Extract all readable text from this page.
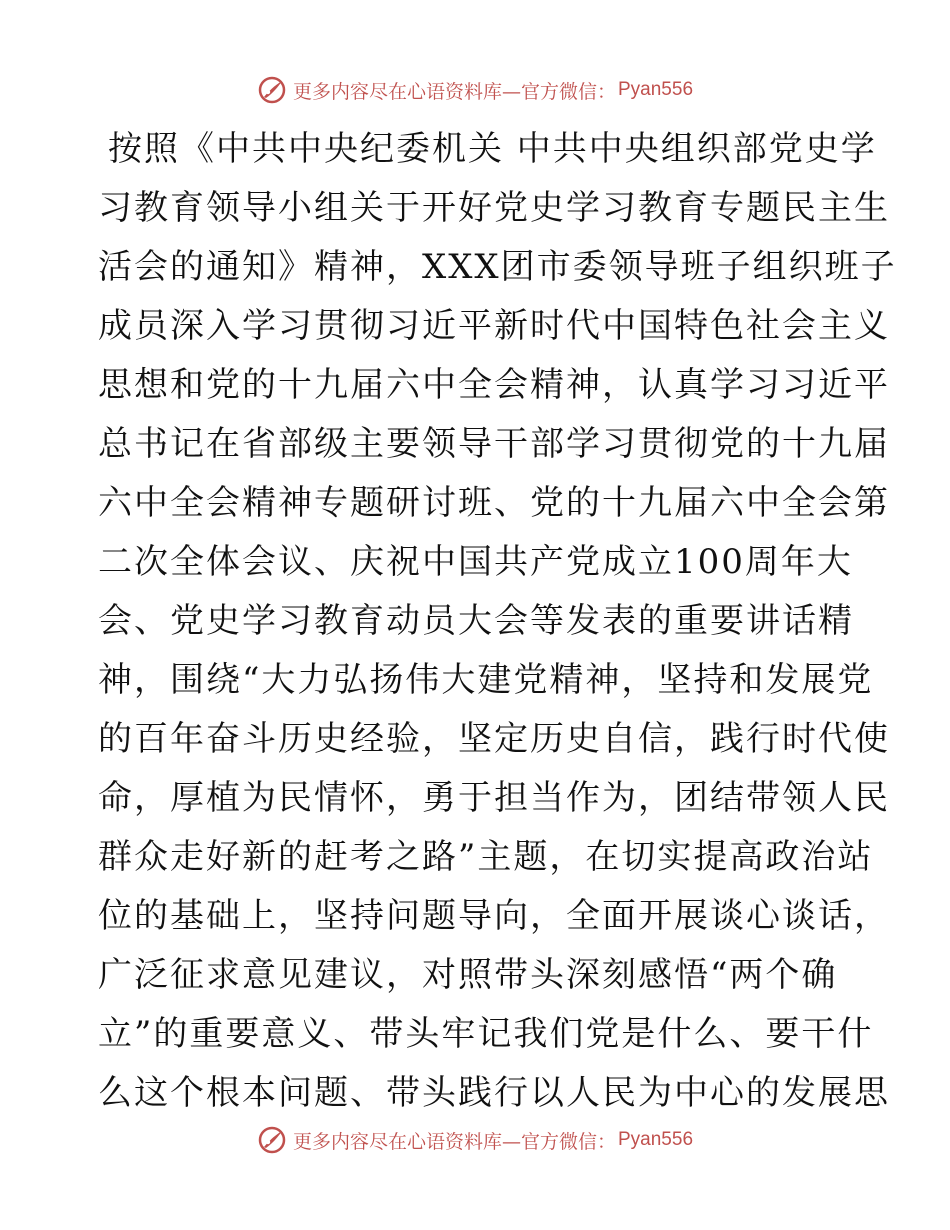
更多内容尽在心语资料库—官方微信： Pyan556
按照《中共中央纪委机关 中共中央组织部党史学
习教育领导小组关于开好党史学习教育专题民主生
活会的通知》精神，XXX团市委领导班子组织班子
成员深入学习贯彻习近平新时代中国特色社会主义
思想和党的十九届六中全会精神，认真学习习近平
总书记在省部级主要领导干部学习贯彻党的十九届
六中全会精神专题研讨班、党的十九届六中全会第
二次全体会议、庆祝中国共产党成立100周年大
会、党史学习教育动员大会等发表的重要讲话精
神，围绕“大力弘扬伟大建党精神，坚持和发展党
的百年奋斗历史经验，坚定历史自信，践行时代使
命，厚植为民情怀，勇于担当作为，团结带领人民
群众走好新的赶考之路”主题，在切实提高政治站
位的基础上，坚持问题导向，全面开展谈心谈话，
广泛征求意见建议，对照带头深刻感悟“两个确
立”的重要意义、带头牢记我们党是什么、要干什
么这个根本问题、带头践行以人民为中心的发展思
更多内容尽在心语资料库—官方微信： Pyan556
